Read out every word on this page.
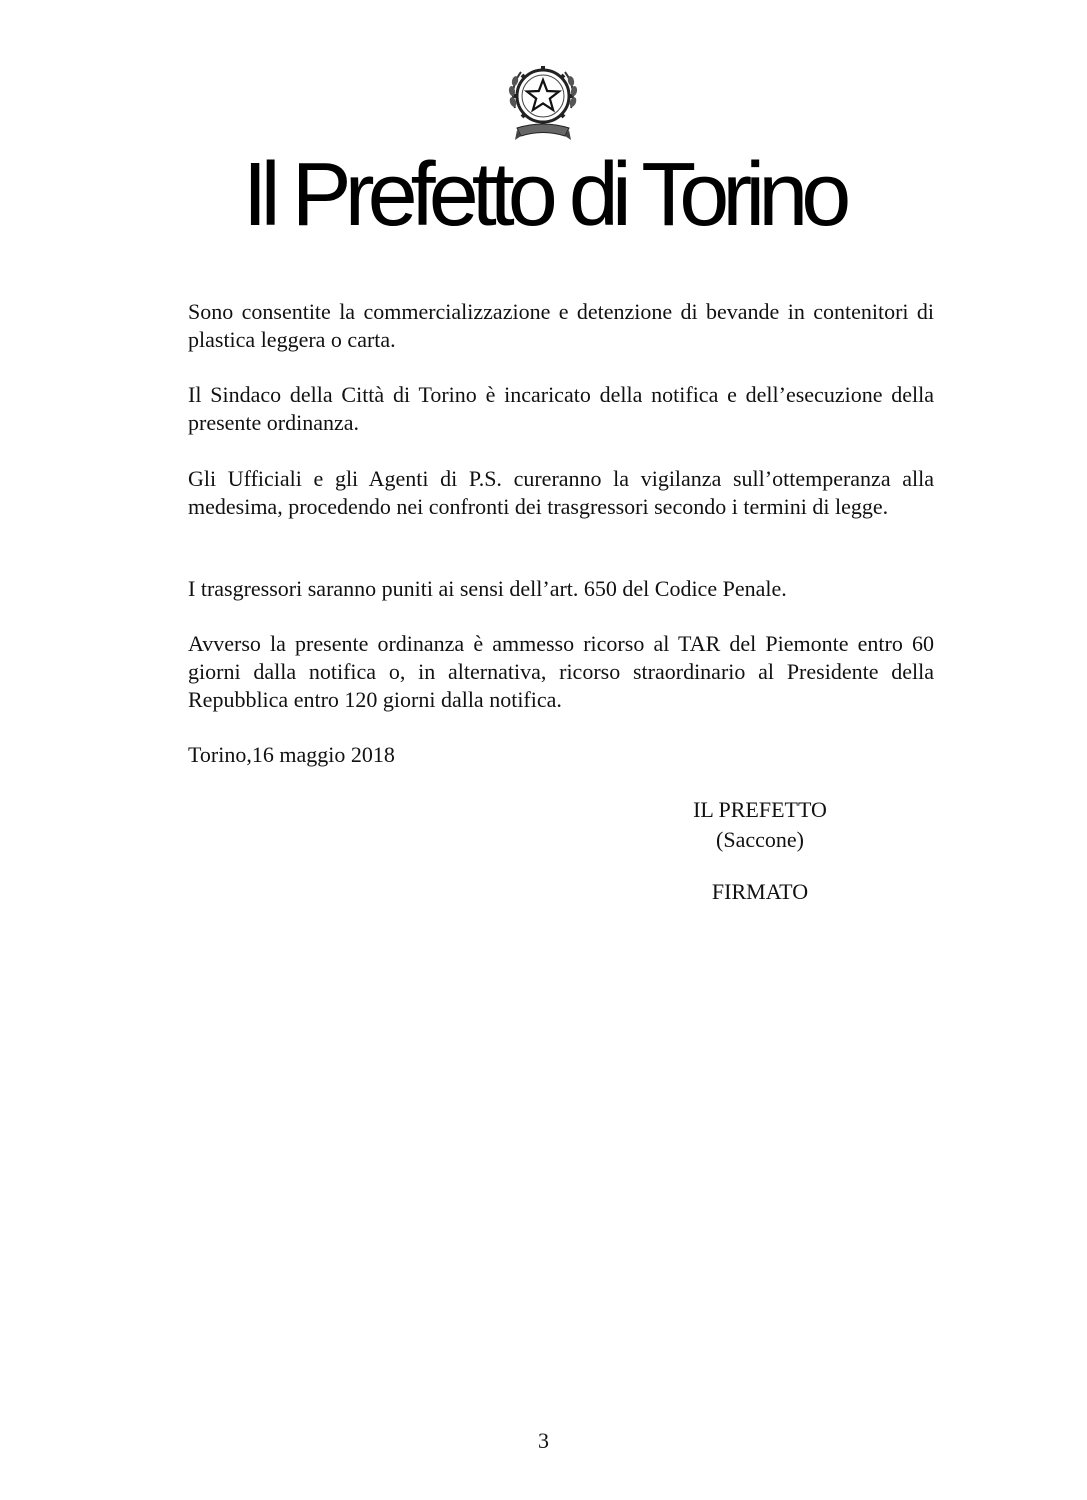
Il Prefetto di Torino

Sono consentite la commercializzazione e detenzione di bevande in contenitori di plastica leggera o carta.

Il Sindaco della Città di Torino è incaricato della notifica e dell’esecuzione della presente ordinanza.

Gli Ufficiali e gli Agenti di P.S. cureranno la vigilanza sull’ottemperanza alla medesima, procedendo nei confronti dei trasgressori secondo i termini di legge.

I trasgressori saranno puniti ai sensi dell’art. 650 del Codice Penale.

Avverso la presente ordinanza è ammesso ricorso al TAR del Piemonte entro 60 giorni dalla notifica o, in alternativa, ricorso straordinario al Presidente della Repubblica entro 120 giorni dalla notifica.

Torino,16 maggio 2018
IL PREFETTO
(Saccone)
FIRMATO
3
